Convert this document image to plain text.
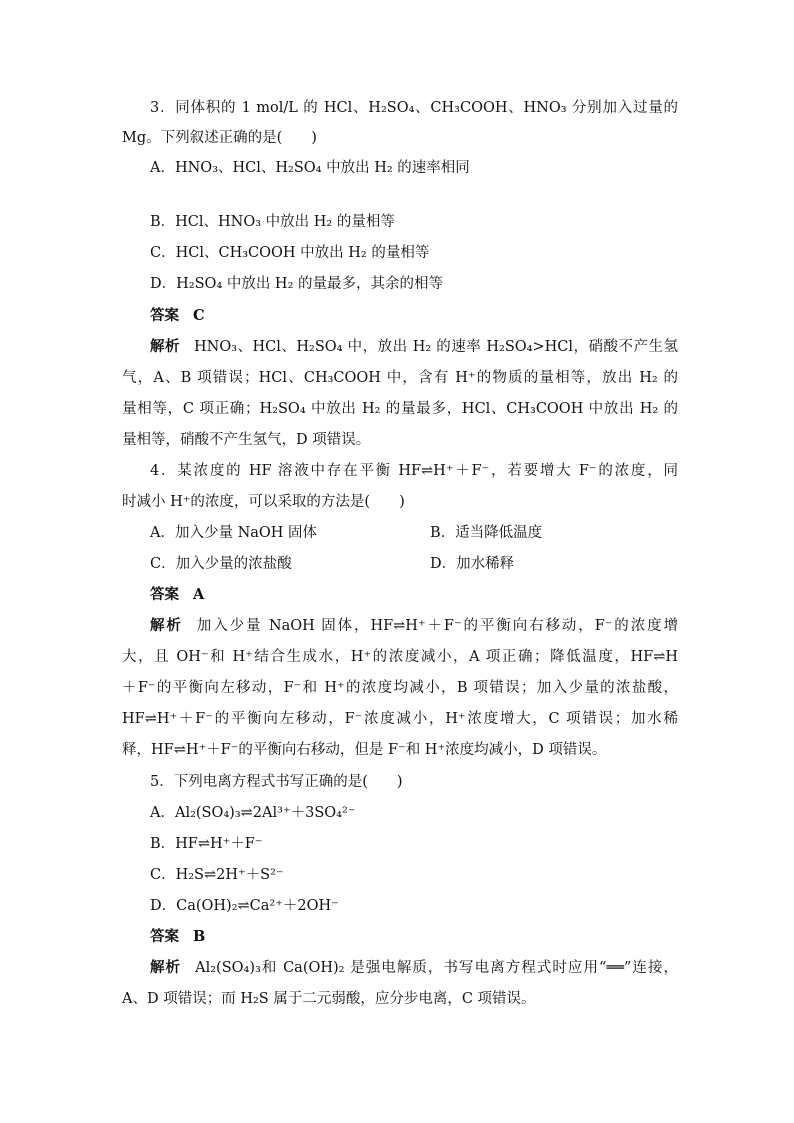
3．同体积的 1 mol/L 的 HCl、H₂SO₄、CH₃COOH、HNO₃ 分别加入过量的
Mg。下列叙述正确的是(　　)
A．HNO₃、HCl、H₂SO₄ 中放出 H₂ 的速率相同
B．HCl、HNO₃ 中放出 H₂ 的量相等
C．HCl、CH₃COOH 中放出 H₂ 的量相等
D．H₂SO₄ 中放出 H₂ 的量最多，其余的相等
答案 C
解析 HNO₃、HCl、H₂SO₄ 中，放出 H₂ 的速率 H₂SO₄>HCl，硝酸不产生氢
气，A、B 项错误；HCl、CH₃COOH 中，含有 H⁺的物质的量相等，放出 H₂ 的
量相等，C 项正确；H₂SO₄ 中放出 H₂ 的量最多，HCl、CH₃COOH 中放出 H₂ 的
量相等，硝酸不产生氢气，D 项错误。
4．某浓度的 HF 溶液中存在平衡 HF⇌H⁺＋F⁻，若要增大 F⁻的浓度，同
时减小 H⁺的浓度，可以采取的方法是(　　)
A．加入少量 NaOH 固体	B．适当降低温度
C．加入少量的浓盐酸	D．加水稀释
答案 A
解析 加入少量 NaOH 固体，HF⇌H⁺＋F⁻的平衡向右移动，F⁻的浓度增
大，且 OH⁻和 H⁺结合生成水，H⁺的浓度减小，A 项正确；降低温度，HF⇌H
＋F⁻的平衡向左移动，F⁻和 H⁺的浓度均减小，B 项错误；加入少量的浓盐酸，
HF⇌H⁺＋F⁻的平衡向左移动，F⁻浓度减小，H⁺浓度增大，C 项错误；加水稀
释，HF⇌H⁺＋F⁻的平衡向右移动，但是 F⁻和 H⁺浓度均减小，D 项错误。
5．下列电离方程式书写正确的是(　　)
A．Al₂(SO₄)₃⇌2Al³⁺＋3SO₄²⁻
B．HF⇌H⁺＋F⁻
C．H₂S⇌2H⁺＋S²⁻
D．Ca(OH)₂⇌Ca²⁺＋2OH⁻
答案 B
解析 Al₂(SO₄)₃和 Ca(OH)₂ 是强电解质，书写电离方程式时应用“══”连接，
A、D 项错误；而 H₂S 属于二元弱酸，应分步电离，C 项错误。
